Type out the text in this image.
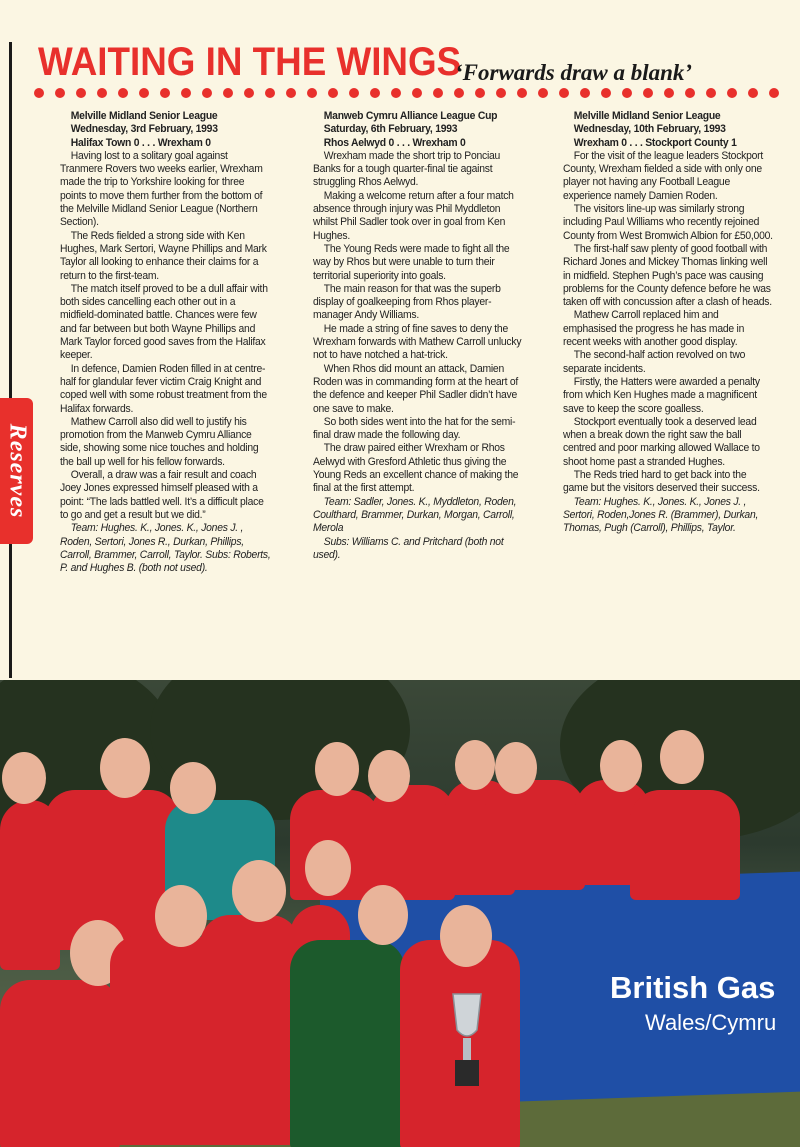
Reserves
WAITING IN THE WINGS
‘Forwards draw a blank’

Melville Midland Senior League

Wednesday, 3rd February, 1993

Halifax Town 0 . . . Wrexham 0

Having lost to a solitary goal against Tranmere Rovers two weeks earlier, Wrexham made the trip to Yorkshire looking for three points to move them further from the bottom of the Melville Midland Senior League (Northern Section).

The Reds fielded a strong side with Ken Hughes, Mark Sertori, Wayne Phillips and Mark Taylor all looking to enhance their claims for a return to the first-team.

The match itself proved to be a dull affair with both sides cancelling each other out in a midfield-dominated battle. Chances were few and far between but both Wayne Phillips and Mark Taylor forced good saves from the Halifax keeper.

In defence, Damien Roden filled in at centre-half for glandular fever victim Craig Knight and coped well with some robust treatment from the Halifax forwards.

Mathew Carroll also did well to justify his promotion from the Manweb Cymru Alliance side, showing some nice touches and holding the ball up well for his fellow forwards.

Overall, a draw was a fair result and coach Joey Jones expressed himself pleased with a point: “The lads battled well. It’s a difficult place to go and get a result but we did.”

Team: Hughes. K., Jones. K., Jones J. , Roden, Sertori, Jones R., Durkan, Phillips, Carroll, Brammer, Carroll, Taylor. Subs: Roberts, P. and Hughes B. (both not used).

Manweb Cymru Alliance League Cup

Saturday, 6th February, 1993

Rhos Aelwyd 0 . . . Wrexham 0

Wrexham made the short trip to Ponciau Banks for a tough quarter-final tie against struggling Rhos Aelwyd.

Making a welcome return after a four match absence through injury was Phil Myddleton whilst Phil Sadler took over in goal from Ken Hughes.

The Young Reds were made to fight all the way by Rhos but were unable to turn their territorial superiority into goals.

The main reason for that was the superb display of goalkeeping from Rhos player-manager Andy Williams.

He made a string of fine saves to deny the Wrexham forwards with Mathew Carroll unlucky not to have notched a hat-trick.

When Rhos did mount an attack, Damien Roden was in commanding form at the heart of the defence and keeper Phil Sadler didn’t have one save to make.

So both sides went into the hat for the semi-final draw made the following day.

The draw paired either Wrexham or Rhos Aelwyd with Gresford Athletic thus giving the Young Reds an excellent chance of making the final at the first attempt.

Team: Sadler, Jones. K., Myddleton, Roden, Coulthard, Brammer, Durkan, Morgan, Carroll, Merola

Subs: Williams C. and Pritchard (both not used).

Melville Midland Senior League

Wednesday, 10th February, 1993

Wrexham 0 . . . Stockport County 1

For the visit of the league leaders Stockport County, Wrexham fielded a side with only one player not having any Football League experience namely Damien Roden.

The visitors line-up was similarly strong including Paul Williams who recently rejoined County from West Bromwich Albion for £50,000.

The first-half saw plenty of good football with Richard Jones and Mickey Thomas linking well in midfield. Stephen Pugh’s pace was causing problems for the County defence before he was taken off with concussion after a clash of heads.

Mathew Carroll replaced him and emphasised the progress he has made in recent weeks with another good display.

The second-half action revolved on two separate incidents.

Firstly, the Hatters were awarded a penalty from which Ken Hughes made a magnificent save to keep the score goalless.

Stockport eventually took a deserved lead when a break down the right saw the ball centred and poor marking allowed Wallace to shoot home past a stranded Hughes.

The Reds tried hard to get back into the game but the visitors deserved their success.

Team: Hughes. K., Jones. K., Jones J. , Sertori, Roden,Jones R. (Brammer), Durkan, Thomas, Pugh (Carroll), Phillips, Taylor.

British Gas
Wales/Cymru
